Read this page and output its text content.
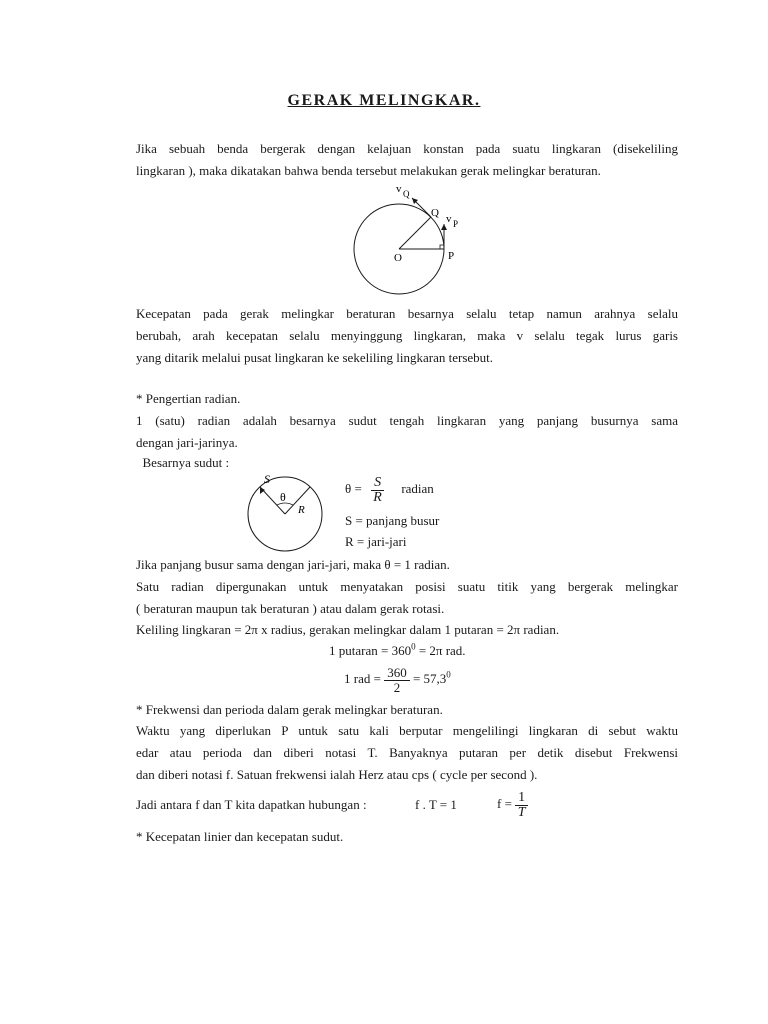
GERAK MELINGKAR.
Jika sebuah benda bergerak dengan kelajuan konstan pada suatu lingkaran (disekeliling
lingkaran ), maka dikatakan bahwa benda tersebut melakukan gerak melingkar beraturan.
v Q
Q v P
O	P
Kecepatan pada gerak melingkar beraturan besarnya selalu tetap namun arahnya selalu
berubah, arah kecepatan selalu menyinggung lingkaran, maka v selalu tegak lurus garis
yang ditarik melalui pusat lingkaran ke sekeliling lingkaran tersebut.
* Pengertian radian.
1 (satu) radian adalah besarnya sudut tengah lingkaran yang panjang busurnya sama
dengan jari-jarinya.
Besarnya sudut :
S
θ
R
$\theta = \frac{S}{R}$ radian
S = panjang busur
R = jari-jari
Jika panjang busur sama dengan jari-jari, maka θ = 1 radian.
Satu radian dipergunakan untuk menyatakan posisi suatu titik yang bergerak melingkar
( beraturan maupun tak beraturan ) atau dalam gerak rotasi.
Keliling lingkaran = 2π x radius, gerakan melingkar dalam 1 putaran = 2π radian.
1 putaran = $360^0 = 2\pi$ rad.
1 rad = $\frac{360}{2} = 57,3^0$
* Frekwensi dan perioda dalam gerak melingkar beraturan.
Waktu yang diperlukan P untuk satu kali berputar mengelilingi lingkaran di sebut waktu
edar atau perioda dan diberi notasi T. Banyaknya putaran per detik disebut Frekwensi
dan diberi notasi f. Satuan frekwensi ialah Herz atau cps ( cycle per second ).
Jadi antara f dan T kita dapatkan hubungan :	f . T = 1	$f = \frac{1}{T}$
* Kecepatan linier dan kecepatan sudut.
